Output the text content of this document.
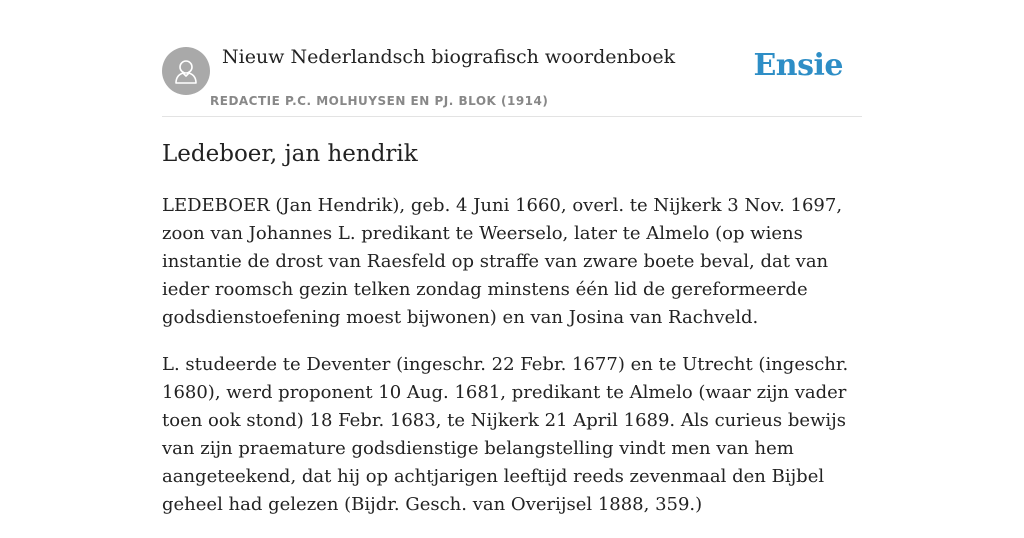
Nieuw Nederlandsch biografisch woordenboek
REDACTIE P.C. MOLHUYSEN EN PJ. BLOK (1914)
Ensie
Ledeboer, jan hendrik

LEDEBOER (Jan Hendrik), geb. 4 Juni 1660, overl. te Nijkerk 3 Nov. 1697, zoon van Johannes L. predikant te Weerselo, later te Almelo (op wiens instantie de drost van Raesfeld op straffe van zware boete beval, dat van ieder roomsch gezin telken zondag minstens één lid de gereformeerde godsdienstoefening moest bijwonen) en van Josina van Rachveld.

L. studeerde te Deventer (ingeschr. 22 Febr. 1677) en te Utrecht (ingeschr. 1680), werd proponent 10 Aug. 1681, predikant te Almelo (waar zijn vader toen ook stond) 18 Febr. 1683, te Nijkerk 21 April 1689. Als curieus bewijs van zijn praemature godsdienstige belangstelling vindt men van hem aangeteekend, dat hij op achtjarigen leeftijd reeds zevenmaal den Bijbel geheel had gelezen (Bijdr. Gesch. van Overijsel 1888, 359.)
